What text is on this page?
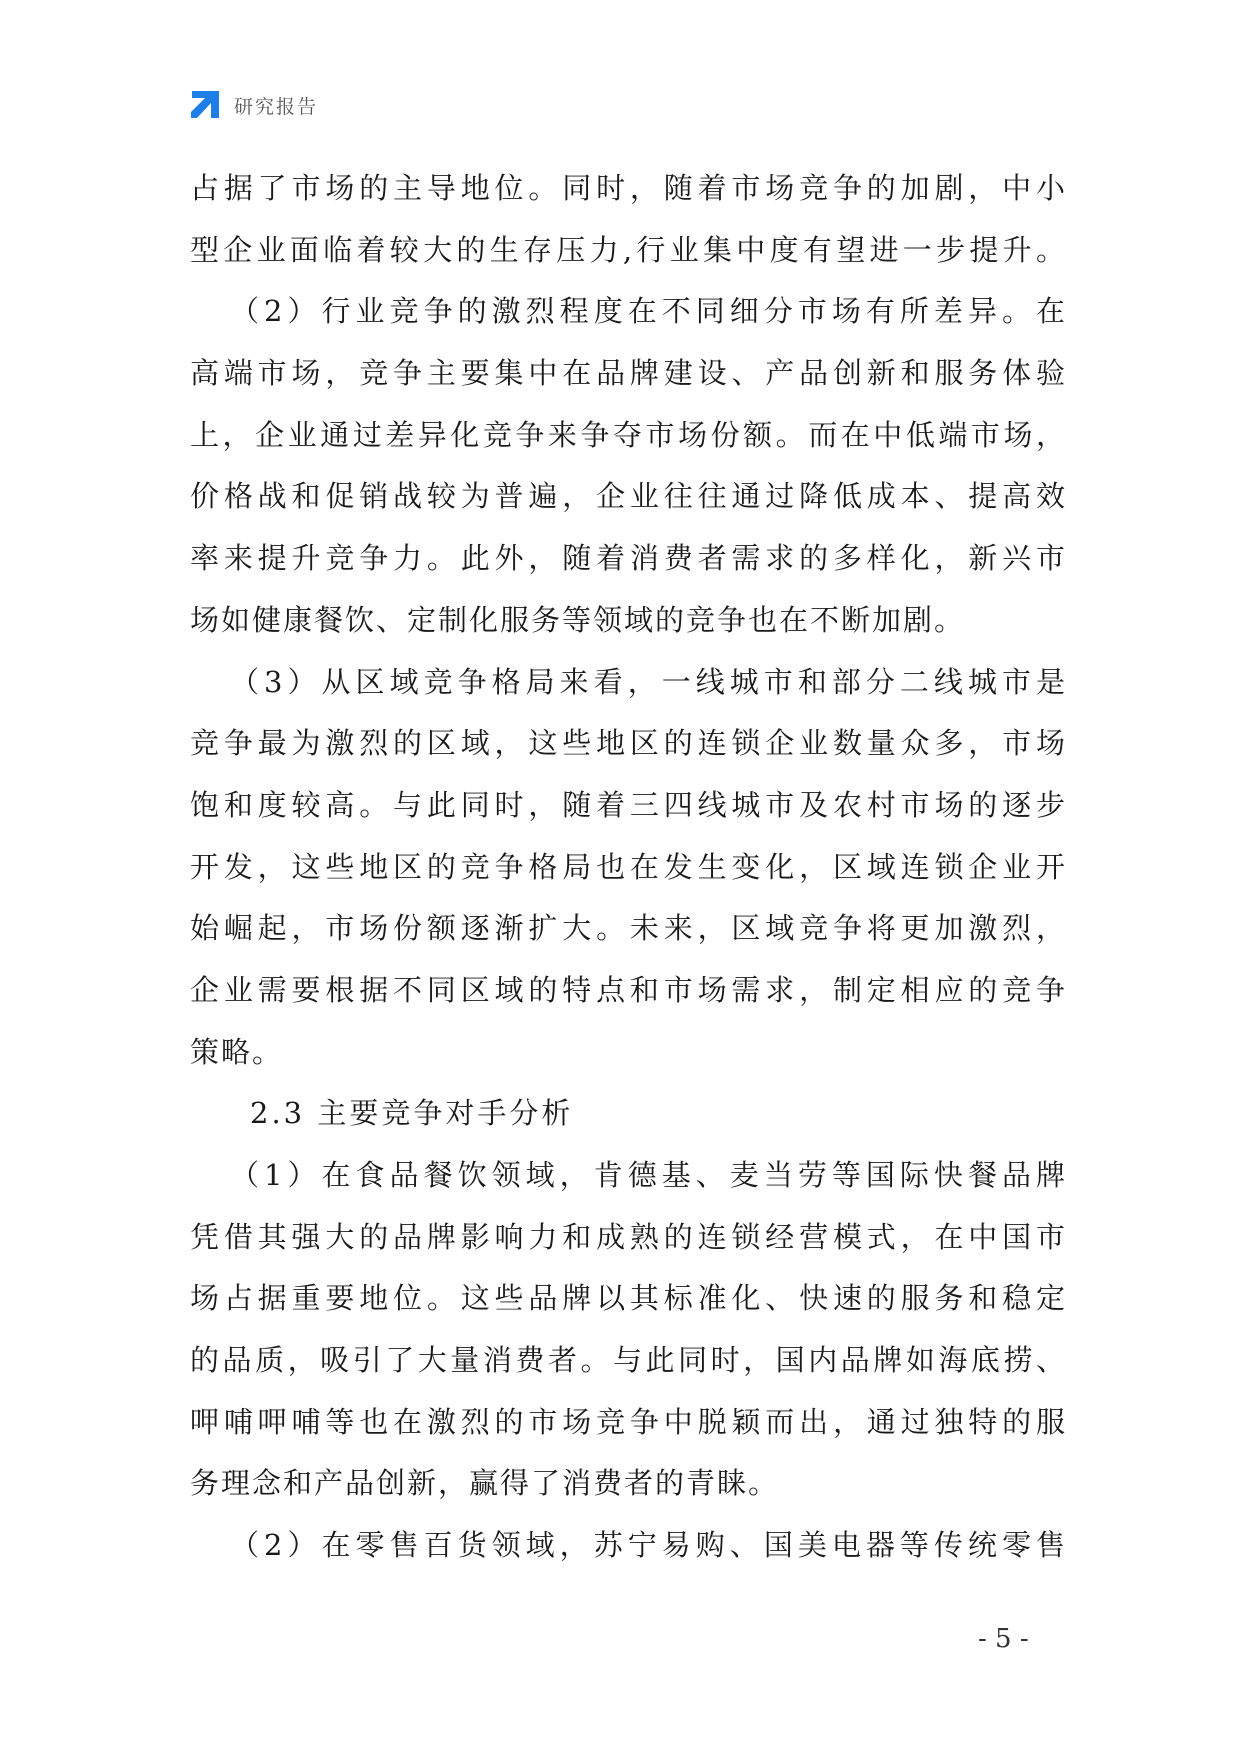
研究报告
占据了市场的主导地位。同时，随着市场竞争的加剧，中小
型企业面临着较大的生存压力,行业集中度有望进一步提升。
（2）行业竞争的激烈程度在不同细分市场有所差异。在
高端市场，竞争主要集中在品牌建设、产品创新和服务体验
上，企业通过差异化竞争来争夺市场份额。而在中低端市场，
价格战和促销战较为普遍，企业往往通过降低成本、提高效
率来提升竞争力。此外，随着消费者需求的多样化，新兴市
场如健康餐饮、定制化服务等领域的竞争也在不断加剧。
（3）从区域竞争格局来看，一线城市和部分二线城市是
竞争最为激烈的区域，这些地区的连锁企业数量众多，市场
饱和度较高。与此同时，随着三四线城市及农村市场的逐步
开发，这些地区的竞争格局也在发生变化，区域连锁企业开
始崛起，市场份额逐渐扩大。未来，区域竞争将更加激烈，
企业需要根据不同区域的特点和市场需求，制定相应的竞争
策略。
2.3 主要竞争对手分析
（1）在食品餐饮领域，肯德基、麦当劳等国际快餐品牌
凭借其强大的品牌影响力和成熟的连锁经营模式，在中国市
场占据重要地位。这些品牌以其标准化、快速的服务和稳定
的品质，吸引了大量消费者。与此同时，国内品牌如海底捞、
呷哺呷哺等也在激烈的市场竞争中脱颖而出，通过独特的服
务理念和产品创新，赢得了消费者的青睐。
（2）在零售百货领域，苏宁易购、国美电器等传统零售
- 5 -
